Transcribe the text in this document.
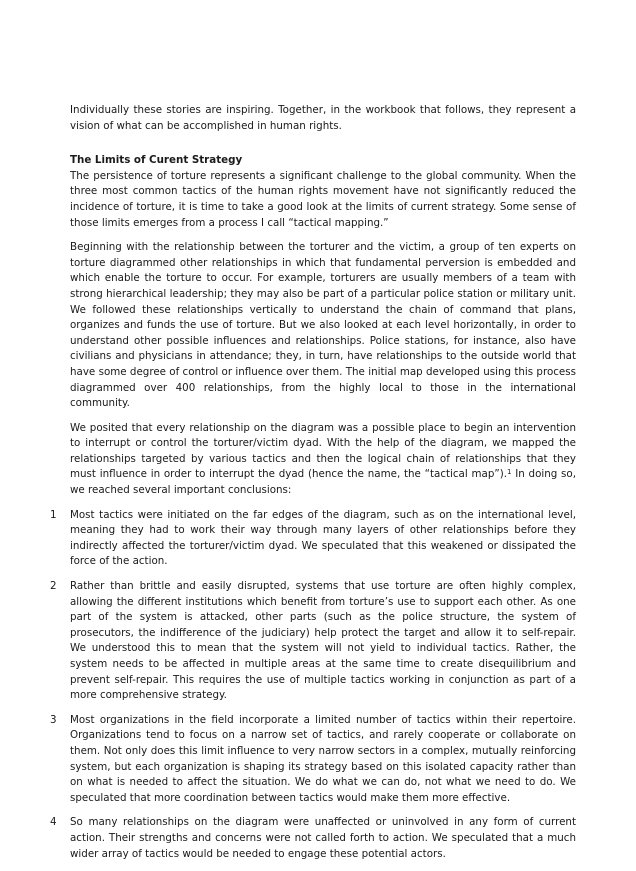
Individually these stories are inspiring. Together, in the workbook that follows, they represent a vision of what can be accomplished in human rights.

The Limits of Curent Strategy

The persistence of torture represents a significant challenge to the global community. When the three most common tactics of the human rights movement have not significantly reduced the incidence of torture, it is time to take a good look at the limits of current strategy. Some sense of those limits emerges from a process I call “tactical mapping.”

Beginning with the relationship between the torturer and the victim, a group of ten experts on torture diagrammed other relationships in which that fundamental perversion is embedded and which enable the torture to occur. For example, torturers are usually members of a team with strong hierarchical leadership; they may also be part of a particular police station or military unit. We followed these relationships vertically to understand the chain of command that plans, organizes and funds the use of torture. But we also looked at each level horizontally, in order to understand other possible influences and relationships. Police stations, for instance, also have civilians and physicians in attendance; they, in turn, have relationships to the outside world that have some degree of control or influence over them. The initial map developed using this process diagrammed over 400 relationships, from the highly local to those in the international community.

We posited that every relationship on the diagram was a possible place to begin an intervention to interrupt or control the torturer/victim dyad. With the help of the diagram, we mapped the relationships targeted by various tactics and then the logical chain of relationships that they must influence in order to interrupt the dyad (hence the name, the “tactical map”).$^1$ In doing so, we reached several important conclusions:

1 Most tactics were initiated on the far edges of the diagram, such as on the international level, meaning they had to work their way through many layers of other relationships before they indirectly affected the torturer/victim dyad. We speculated that this weakened or dissipated the force of the action.
2 Rather than brittle and easily disrupted, systems that use torture are often highly complex, allowing the different institutions which benefit from torture’s use to support each other. As one part of the system is attacked, other parts (such as the police structure, the system of prosecutors, the indifference of the judiciary) help protect the target and allow it to self-repair. We understood this to mean that the system will not yield to individual tactics. Rather, the system needs to be affected in multiple areas at the same time to create disequilibrium and prevent self-repair. This requires the use of multiple tactics working in conjunction as part of a more comprehensive strategy.
3 Most organizations in the field incorporate a limited number of tactics within their repertoire. Organizations tend to focus on a narrow set of tactics, and rarely cooperate or collaborate on them. Not only does this limit influence to very narrow sectors in a complex, mutually reinforcing system, but each organization is shaping its strategy based on this isolated capacity rather than on what is needed to affect the situation. We do what we can do, not what we need to do. We speculated that more coordination between tactics would make them more effective.
4 So many relationships on the diagram were unaffected or uninvolved in any form of current action. Their strengths and concerns were not called forth to action. We speculated that a much wider array of tactics would be needed to engage these potential actors.
